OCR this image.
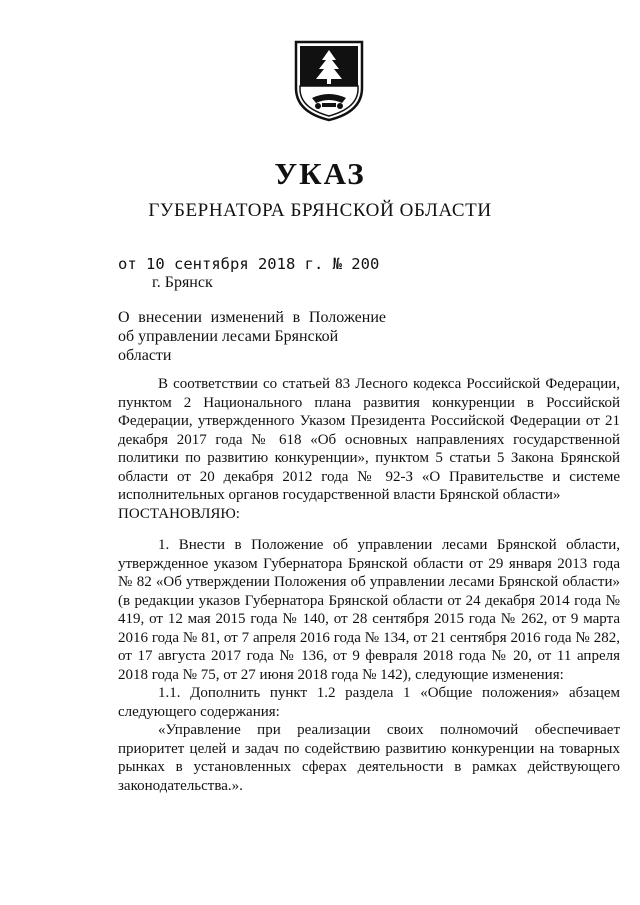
УКАЗ
ГУБЕРНАТОРА БРЯНСКОЙ ОБЛАСТИ
от 10 сентября 2018 г. № 200
г. Брянск
О внесении изменений в Положение
об управлении лесами Брянской области

В соответствии со статьей 83 Лесного кодекса Российской Федерации, пунктом 2 Национального плана развития конкуренции в Российской Федерации, утвержденного Указом Президента Российской Федерации от 21 декабря 2017 года № 618 «Об основных направлениях государственной политики по развитию конкуренции», пунктом 5 статьи 5 Закона Брянской области от 20 декабря 2012 года № 92-З «О Правительстве и системе исполнительных органов государственной власти Брянской области»

ПОСТАНОВЛЯЮ:

1. Внести в Положение об управлении лесами Брянской области, утвержденное указом Губернатора Брянской области от 29 января 2013 года № 82 «Об утверждении Положения об управлении лесами Брянской области» (в редакции указов Губернатора Брянской области от 24 декабря 2014 года № 419, от 12 мая 2015 года № 140, от 28 сентября 2015 года № 262, от 9 марта 2016 года № 81, от 7 апреля 2016 года № 134, от 21 сентября 2016 года № 282, от 17 августа 2017 года № 136, от 9 февраля 2018 года № 20, от 11 апреля 2018 года № 75, от 27 июня 2018 года № 142), следующие изменения:

1.1. Дополнить пункт 1.2 раздела 1 «Общие положения» абзацем следующего содержания:

«Управление при реализации своих полномочий обеспечивает приоритет целей и задач по содействию развитию конкуренции на товарных рынках в установленных сферах деятельности в рамках действующего законодательства.».
